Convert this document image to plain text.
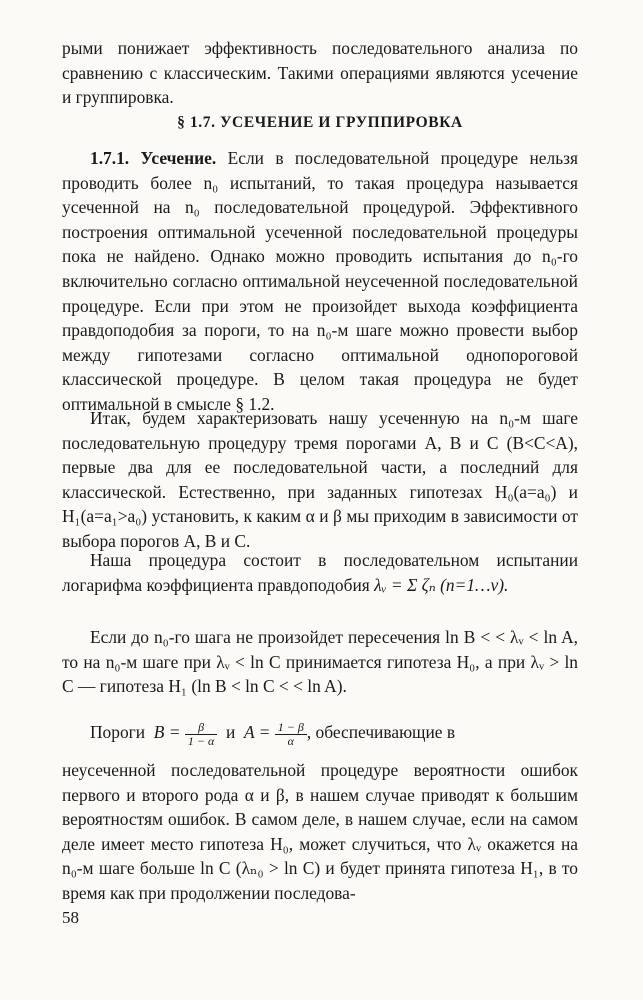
рыми понижает эффективность последовательного анализа по сравнению с классическим. Такими операциями являются усечение и группировка.

§ 1.7. УСЕЧЕНИЕ И ГРУППИРОВКА

1.7.1. Усечение. Если в последовательной процедуре нельзя проводить более n₀ испытаний, то такая процедура называется усеченной на n₀ последовательной процедурой. Эффективного построения оптимальной усеченной последовательной процедуры пока не найдено. Однако можно проводить испытания до n₀-го включительно согласно оптимальной неусеченной последовательной процедуре. Если при этом не произойдет выхода коэффициента правдоподобия за пороги, то на n₀-м шаге можно провести выбор между гипотезами согласно оптимальной однопороговой классической процедуре. В целом такая процедура не будет оптимальной в смысле § 1.2.

Итак, будем характеризовать нашу усеченную на n₀-м шаге последовательную процедуру тремя порогами A, B и C (B<C<A), первые два для ее последовательной части, а последний для классической. Естественно, при заданных гипотезах H₀(a=a₀) и H₁(a=a₁>a₀) установить, к каким α и β мы приходим в зависимости от выбора порогов A, B и C.

Наша процедура состоит в последовательном испытании логарифма коэффициента правдоподобия λᵥ = Σ ζₙ (n=1…ν).

Если до n₀-го шага не произойдет пересечения ln B < < λᵥ < ln A, то на n₀-м шаге при λᵥ < ln C принимается гипотеза H₀, а при λᵥ > ln C — гипотеза H₁ (ln B < ln C < < ln A).

Пороги $B = \frac{\beta}{1 - \alpha}$ и $A = \frac{1 - \beta}{\alpha}$ , обеспечивающие в

неусеченной последовательной процедуре вероятности ошибок первого и второго рода α и β, в нашем случае приводят к большим вероятностям ошибок. В самом деле, в нашем случае, если на самом деле имеет место гипотеза H₀, может случиться, что λᵥ окажется на n₀-м шаге больше ln C (λₙ₀ > ln C) и будет принята гипотеза H₁, в то время как при продолжении последова-

58
